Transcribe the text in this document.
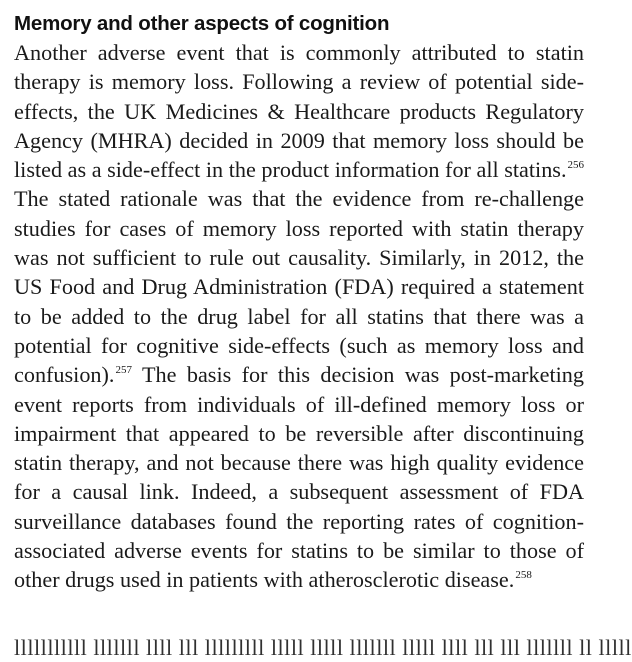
Memory and other aspects of cognition

Another adverse event that is commonly attributed to statin therapy is memory loss. Following a review of potential side-effects, the UK Medicines & Healthcare products Regulatory Agency (MHRA) decided in 2009 that memory loss should be listed as a side-effect in the product information for all statins.$^{256}$ The stated rationale was that the evidence from re-challenge studies for cases of memory loss reported with statin therapy was not sufficient to rule out causality. Similarly, in 2012, the US Food and Drug Administration (FDA) required a statement to be added to the drug label for all statins that there was a potential for cognitive side-effects (such as memory loss and confusion).$^{257}$ The basis for this decision was post-marketing event reports from individuals of ill-defined memory loss or impairment that appeared to be reversible after discontinuing statin therapy, and not because there was high quality evidence for a causal link. Indeed, a subsequent assessment of FDA surveillance databases found the reporting rates of cognition-associated adverse events for statins to be similar to those of other drugs used in patients with atherosclerotic disease.$^{258}$

lllllllllll lllllll llll lll lllllllll lllll lllll lllllll lllll llll lll lll lllllll ll lllll
